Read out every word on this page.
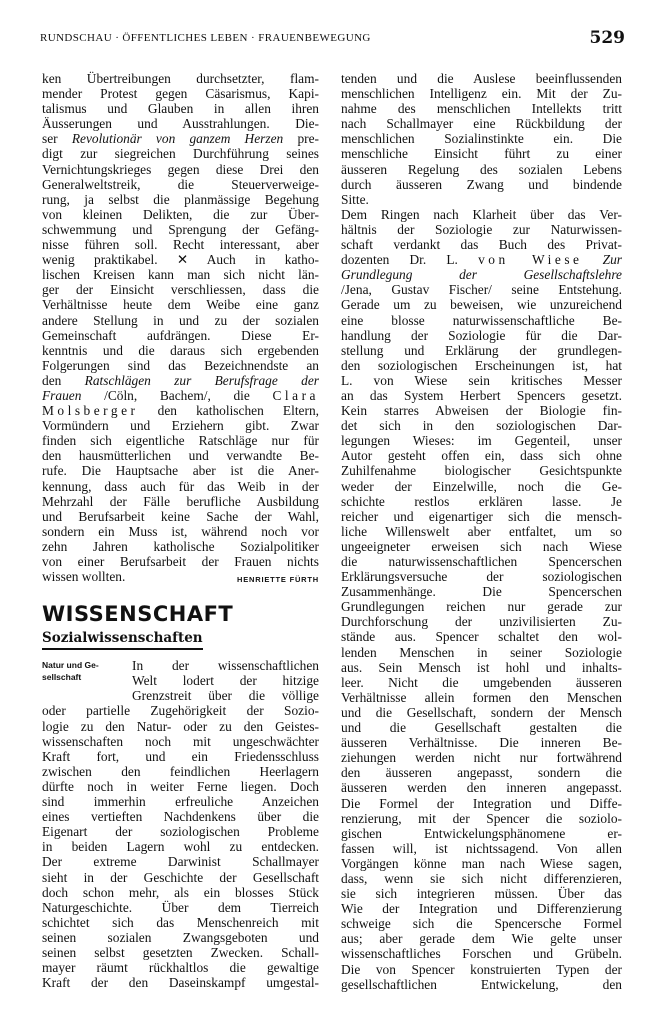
RUNDSCHAU · ÖFFENTLICHES LEBEN · FRAUENBEWEGUNG	529
ken Übertreibungen durchsetzter, flam-
mender Protest gegen Cäsarismus, Kapi-
talismus und Glauben in allen ihren
Äusserungen und Ausstrahlungen. Die-
ser Revolutionär von ganzem Herzen pre-
digt zur siegreichen Durchführung seines
Vernichtungskrieges gegen diese Drei den
Generalweltstreik, die Steuerverweige-
rung, ja selbst die planmässige Begehung
von kleinen Delikten, die zur Über-
schwemmung und Sprengung der Gefäng-
nisse führen soll. Recht interessant, aber
wenig praktikabel. ✕ Auch in katho-
lischen Kreisen kann man sich nicht län-
ger der Einsicht verschliessen, dass die
Verhältnisse heute dem Weibe eine ganz
andere Stellung in und zu der sozialen
Gemeinschaft aufdrängen. Diese Er-
kenntnis und die daraus sich ergebenden
Folgerungen sind das Bezeichnendste an
den Ratschlägen zur Berufsfrage der
Frauen /Cöln, Bachem/, die Clara
Molsberger den katholischen Eltern,
Vormündern und Erziehern gibt. Zwar
finden sich eigentliche Ratschläge nur für
den hausmütterlichen und verwandte Be-
rufe. Die Hauptsache aber ist die Aner-
kennung, dass auch für das Weib in der
Mehrzahl der Fälle berufliche Ausbildung
und Berufsarbeit keine Sache der Wahl,
sondern ein Muss ist, während noch vor
zehn Jahren katholische Sozialpolitiker
von einer Berufsarbeit der Frauen nichts
wissen wollten.	HENRIETTE FÜRTH
WISSENSCHAFT
Sozialwissenschaften
Natur und Ge-sellschaft
In der wissenschaftlichen
Welt lodert der hitzige
Grenzstreit über die völlige
oder partielle Zugehörigkeit der Sozio-
logie zu den Natur- oder zu den Geistes-
wissenschaften noch mit ungeschwächter
Kraft fort, und ein Friedensschluss
zwischen den feindlichen Heerlagern
dürfte noch in weiter Ferne liegen. Doch
sind immerhin erfreuliche Anzeichen
eines vertieften Nachdenkens über die
Eigenart der soziologischen Probleme
in beiden Lagern wohl zu entdecken.
Der extreme Darwinist Schallmayer
sieht in der Geschichte der Gesellschaft
doch schon mehr, als ein blosses Stück
Naturgeschichte. Über dem Tierreich
schichtet sich das Menschenreich mit
seinen sozialen Zwangsgeboten und
seinen selbst gesetzten Zwecken. Schall-
mayer räumt rückhaltlos die gewaltige
Kraft der den Daseinskampf umgestal-
tenden und die Auslese beeinflussenden
menschlichen Intelligenz ein. Mit der Zu-
nahme des menschlichen Intellekts tritt
nach Schallmayer eine Rückbildung der
menschlichen Sozialinstinkte ein. Die
menschliche Einsicht führt zu einer
äusseren Regelung des sozialen Lebens
durch äusseren Zwang und bindende
Sitte.
Dem Ringen nach Klarheit über das Ver-
hältnis der Soziologie zur Naturwissen-
schaft verdankt das Buch des Privat-
dozenten Dr. L. von Wiese Zur
Grundlegung der Gesellschaftslehre
/Jena, Gustav Fischer/ seine Entstehung.
Gerade um zu beweisen, wie unzureichend
eine blosse naturwissenschaftliche Be-
handlung der Soziologie für die Dar-
stellung und Erklärung der grundlegen-
den soziologischen Erscheinungen ist, hat
L. von Wiese sein kritisches Messer
an das System Herbert Spencers gesetzt.
Kein starres Abweisen der Biologie fin-
det sich in den soziologischen Dar-
legungen Wieses: im Gegenteil, unser
Autor gesteht offen ein, dass sich ohne
Zuhilfenahme biologischer Gesichtspunkte
weder der Einzelwille, noch die Ge-
schichte restlos erklären lasse. Je
reicher und eigenartiger sich die mensch-
liche Willenswelt aber entfaltet, um so
ungeeigneter erweisen sich nach Wiese
die naturwissenschaftlichen Spencerschen
Erklärungsversuche der soziologischen
Zusammenhänge. Die Spencerschen
Grundlegungen reichen nur gerade zur
Durchforschung der unzivilisierten Zu-
stände aus. Spencer schaltet den wol-
lenden Menschen in seiner Soziologie
aus. Sein Mensch ist hohl und inhalts-
leer. Nicht die umgebenden äusseren
Verhältnisse allein formen den Menschen
und die Gesellschaft, sondern der Mensch
und die Gesellschaft gestalten die
äusseren Verhältnisse. Die inneren Be-
ziehungen werden nicht nur fortwährend
den äusseren angepasst, sondern die
äusseren werden den inneren angepasst.
Die Formel der Integration und Diffe-
renzierung, mit der Spencer die soziolo-
gischen Entwickelungsphänomene er-
fassen will, ist nichtssagend. Von allen
Vorgängen könne man nach Wiese sagen,
dass, wenn sie sich nicht differenzieren,
sie sich integrieren müssen. Über das
Wie der Integration und Differenzierung
schweige sich die Spencersche Formel
aus; aber gerade dem Wie gelte unser
wissenschaftliches Forschen und Grübeln.
Die von Spencer konstruierten Typen der
gesellschaftlichen Entwickelung, den
